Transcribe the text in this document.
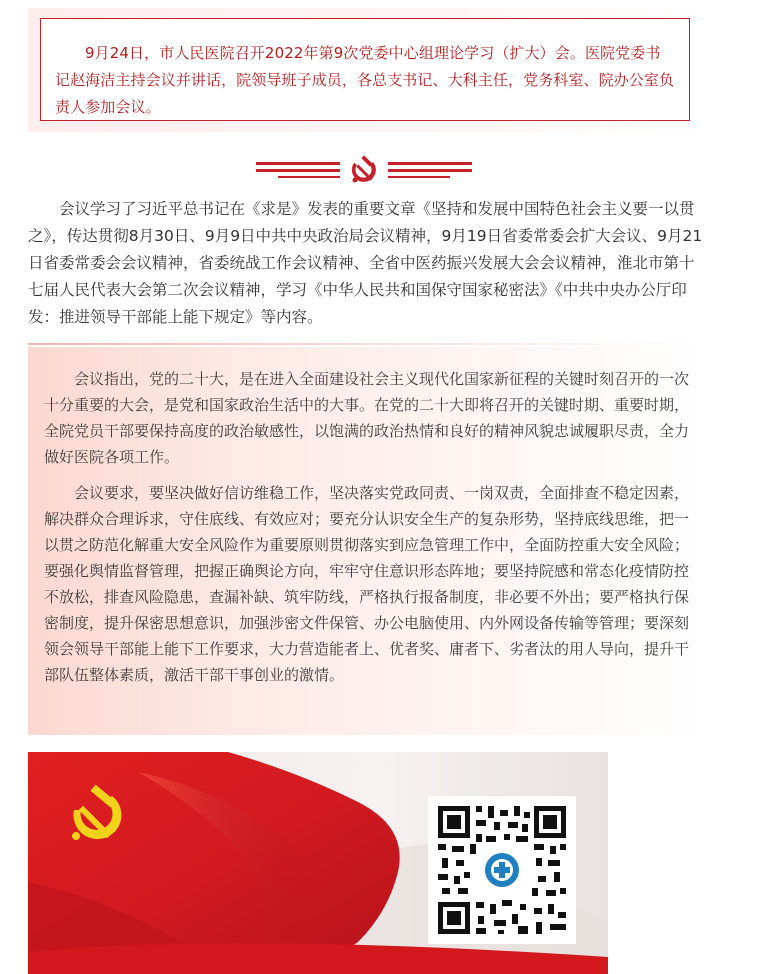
9月24日，市人民医院召开2022年第9次党委中心组理论学习（扩大）会。医院党委书记赵海洁主持会议并讲话，院领导班子成员，各总支书记、大科主任，党务科室、院办公室负责人参加会议。

会议学习了习近平总书记在《求是》发表的重要文章《坚持和发展中国特色社会主义要一以贯之》，传达贯彻8月30日、9月9日中共中央政治局会议精神，9月19日省委常委会扩大会议、9月21日省委常委会会议精神，省委统战工作会议精神、全省中医药振兴发展大会会议精神，淮北市第十七届人民代表大会第二次会议精神，学习《中华人民共和国保守国家秘密法》《中共中央办公厅印发：推进领导干部能上能下规定》等内容。

会议指出，党的二十大，是在进入全面建设社会主义现代化国家新征程的关键时刻召开的一次十分重要的大会，是党和国家政治生活中的大事。在党的二十大即将召开的关键时期、重要时期，全院党员干部要保持高度的政治敏感性，以饱满的政治热情和良好的精神风貌忠诚履职尽责，全力做好医院各项工作。

会议要求，要坚决做好信访维稳工作，坚决落实党政同责、一岗双责，全面排查不稳定因素，解决群众合理诉求，守住底线、有效应对；要充分认识安全生产的复杂形势，坚持底线思维，把一以贯之防范化解重大安全风险作为重要原则贯彻落实到应急管理工作中，全面防控重大安全风险；要强化舆情监督管理，把握正确舆论方向，牢牢守住意识形态阵地；要坚持院感和常态化疫情防控不放松，排查风险隐患，查漏补缺、筑牢防线，严格执行报备制度，非必要不外出；要严格执行保密制度，提升保密思想意识，加强涉密文件保管、办公电脑使用、内外网设备传输等管理；要深刻领会领导干部能上能下工作要求，大力营造能者上、优者奖、庸者下、劣者汰的用人导向，提升干部队伍整体素质，激活干部干事创业的激情。
